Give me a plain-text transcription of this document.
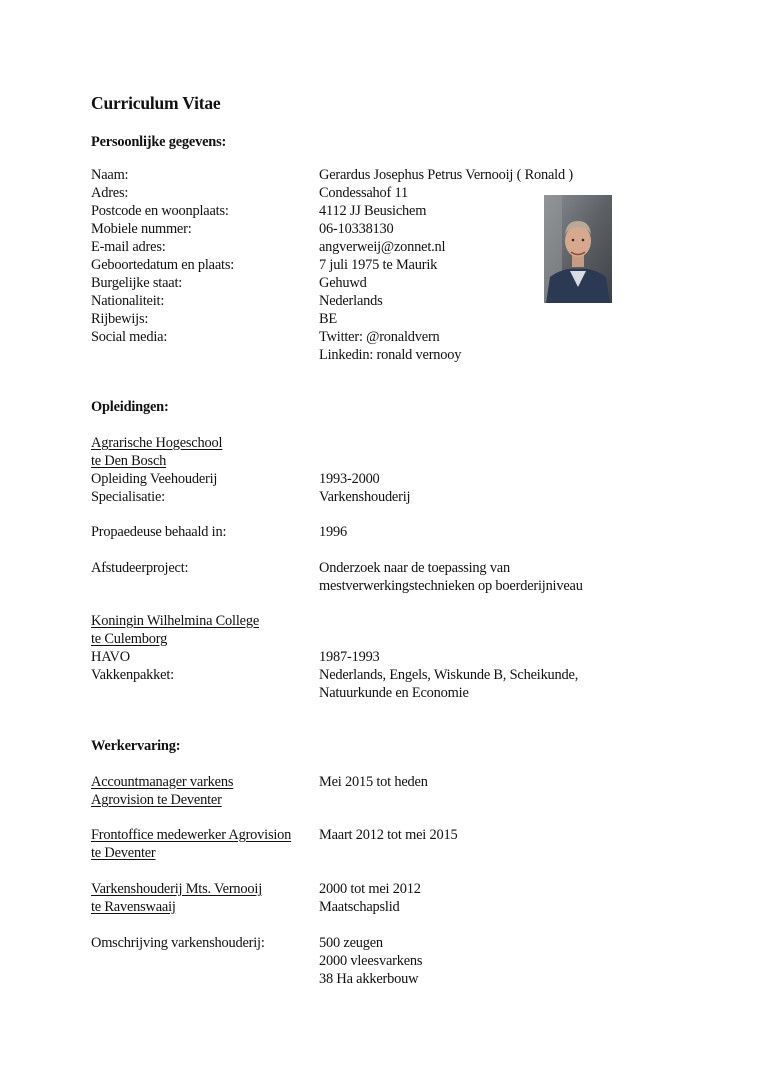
Curriculum Vitae
Persoonlijke gegevens:
Naam:	Gerardus Josephus Petrus Vernooij ( Ronald )
Adres:	Condessahof 11
Postcode en woonplaats:	4112 JJ Beusichem
Mobiele nummer:	06-10338130
E-mail adres:	angverweij@zonnet.nl
Geboortedatum en plaats:	7 juli 1975 te Maurik
Burgelijke staat:	Gehuwd
Nationaliteit:	Nederlands
Rijbewijs:	BE
Social media:	Twitter: @ronaldvern
Linkedin: ronald vernooy
Opleidingen:
Agrarische Hogeschool
te Den Bosch
Opleiding Veehouderij	1993-2000
Specialisatie:	Varkenshouderij
Propaedeuse behaald in:	1996
Afstudeerproject:	Onderzoek naar de toepassing van
mestverwerkingstechnieken op boerderijniveau
Koningin Wilhelmina College
te Culemborg
HAVO	1987-1993
Vakkenpakket:	Nederlands, Engels, Wiskunde B, Scheikunde,
Natuurkunde en Economie
Werkervaring:
Accountmanager varkens	Mei 2015 tot heden
Agrovision te Deventer
Frontoffice medewerker Agrovision Maart 2012 tot mei 2015
te Deventer
Varkenshouderij Mts. Vernooij	2000 tot mei 2012
te Ravenswaaij	Maatschapslid
Omschrijving varkenshouderij:	500 zeugen
2000 vleesvarkens
38 Ha akkerbouw
